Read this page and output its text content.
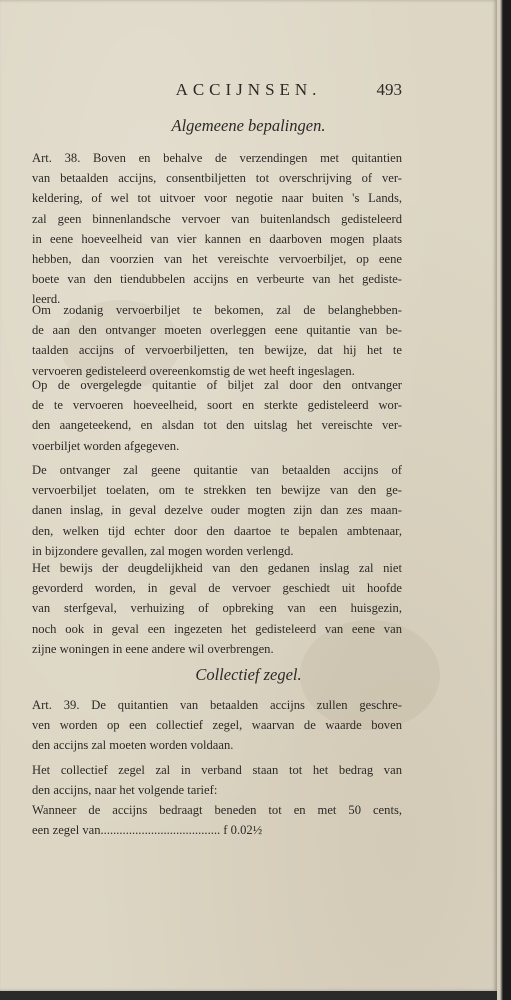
ACCIJNSEN.	493
Algemeene bepalingen.
Art. 38. Boven en behalve de verzendingen met quitantien
van betaalden accijns, consentbiljetten tot overschrijving of ver-
keldering, of wel tot uitvoer voor negotie naar buiten 's Lands,
zal geen binnenlandsche vervoer van buitenlandsch gedisteleerd
in eene hoeveelheid van vier kannen en daarboven mogen plaats
hebben, dan voorzien van het vereischte vervoerbiljet, op eene
boete van den tiendubbelen accijns en verbeurte van het gediste-
leerd.
Om zodanig vervoerbiljet te bekomen, zal de belanghebben-
de aan den ontvanger moeten overleggen eene quitantie van be-
taalden accijns of vervoerbiljetten, ten bewijze, dat hij het te
vervoeren gedisteleerd overeenkomstig de wet heeft ingeslagen.
Op de overgelegde quitantie of biljet zal door den ontvanger
de te vervoeren hoeveelheid, soort en sterkte gedisteleerd wor-
den aangeteekend, en alsdan tot den uitslag het vereischte ver-
voerbiljet worden afgegeven.
De ontvanger zal geene quitantie van betaalden accijns of
vervoerbiljet toelaten, om te strekken ten bewijze van den ge-
danen inslag, in geval dezelve ouder mogten zijn dan zes maan-
den, welken tijd echter door den daartoe te bepalen ambtenaar,
in bijzondere gevallen, zal mogen worden verlengd.
Het bewijs der deugdelijkheid van den gedanen inslag zal niet
gevorderd worden, in geval de vervoer geschiedt uit hoofde
van sterfgeval, verhuizing of opbreking van een huisgezin,
noch ook in geval een ingezeten het gedisteleerd van eene van
zijne woningen in eene andere wil overbrengen.
Collectief zegel.
Art. 39. De quitantien van betaalden accijns zullen geschre-
ven worden op een collectief zegel, waarvan de waarde boven
den accijns zal moeten worden voldaan.
Het collectief zegel zal in verband staan tot het bedrag van
den accijns, naar het volgende tarief:
Wanneer de accijns bedraagt beneden tot en met 50 cents,
een zegel van...................................... f 0.02½
